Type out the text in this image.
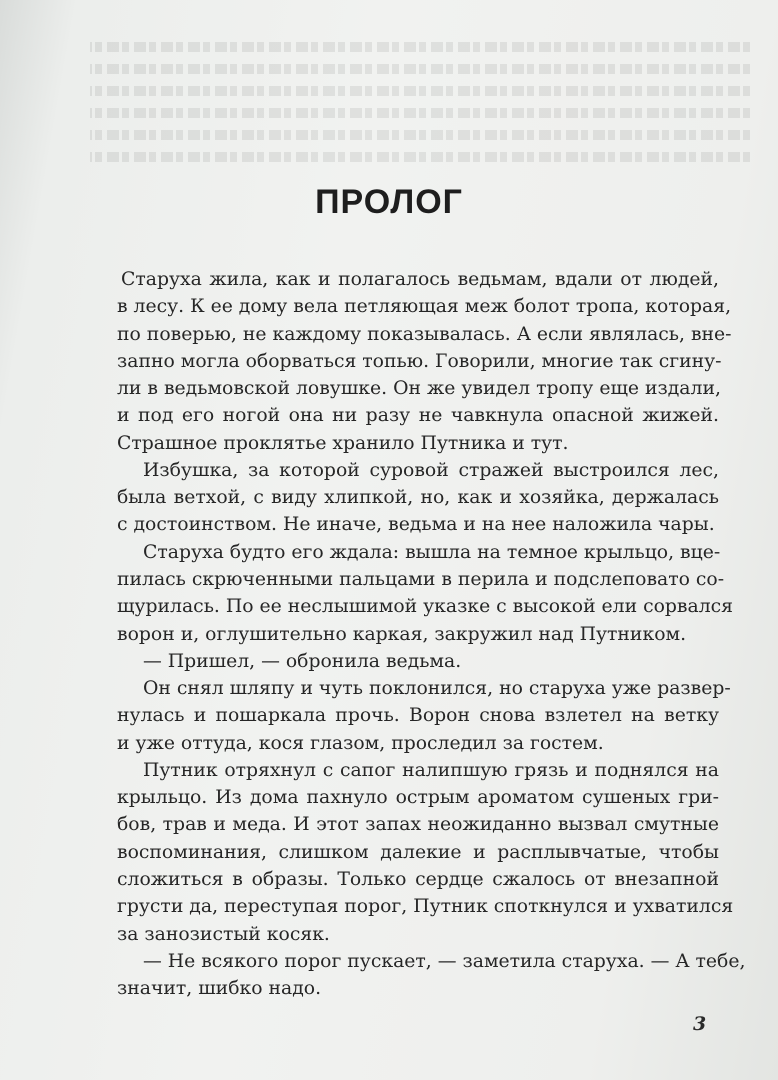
ПРОЛОГ
Старуха жила, как и полагалось ведьмам, вдали от людей,
в лесу. К ее дому вела петляющая меж болот тропа, которая,
по поверью, не каждому показывалась. А если являлась, вне-
запно могла оборваться топью. Говорили, многие так сгину-
ли в ведьмовской ловушке. Он же увидел тропу еще издали,
и под его ногой она ни разу не чавкнула опасной жижей.
Страшное проклятье хранило Путника и тут.
Избушка, за которой суровой стражей выстроился лес,
была ветхой, с виду хлипкой, но, как и хозяйка, держалась
с достоинством. Не иначе, ведьма и на нее наложила чары.
Старуха будто его ждала: вышла на темное крыльцо, вце-
пилась скрюченными пальцами в перила и подслеповато со-
щурилась. По ее неслышимой указке с высокой ели сорвался
ворон и, оглушительно каркая, закружил над Путником.
— Пришел, — обронила ведьма.
Он снял шляпу и чуть поклонился, но старуха уже развер-
нулась и пошаркала прочь. Ворон снова взлетел на ветку
и уже оттуда, кося глазом, проследил за гостем.
Путник отряхнул с сапог налипшую грязь и поднялся на
крыльцо. Из дома пахнуло острым ароматом сушеных гри-
бов, трав и меда. И этот запах неожиданно вызвал смутные
воспоминания, слишком далекие и расплывчатые, чтобы
сложиться в образы. Только сердце сжалось от внезапной
грусти да, переступая порог, Путник споткнулся и ухватился
за занозистый косяк.
— Не всякого порог пускает, — заметила старуха. — А тебе,
значит, шибко надо.
3
